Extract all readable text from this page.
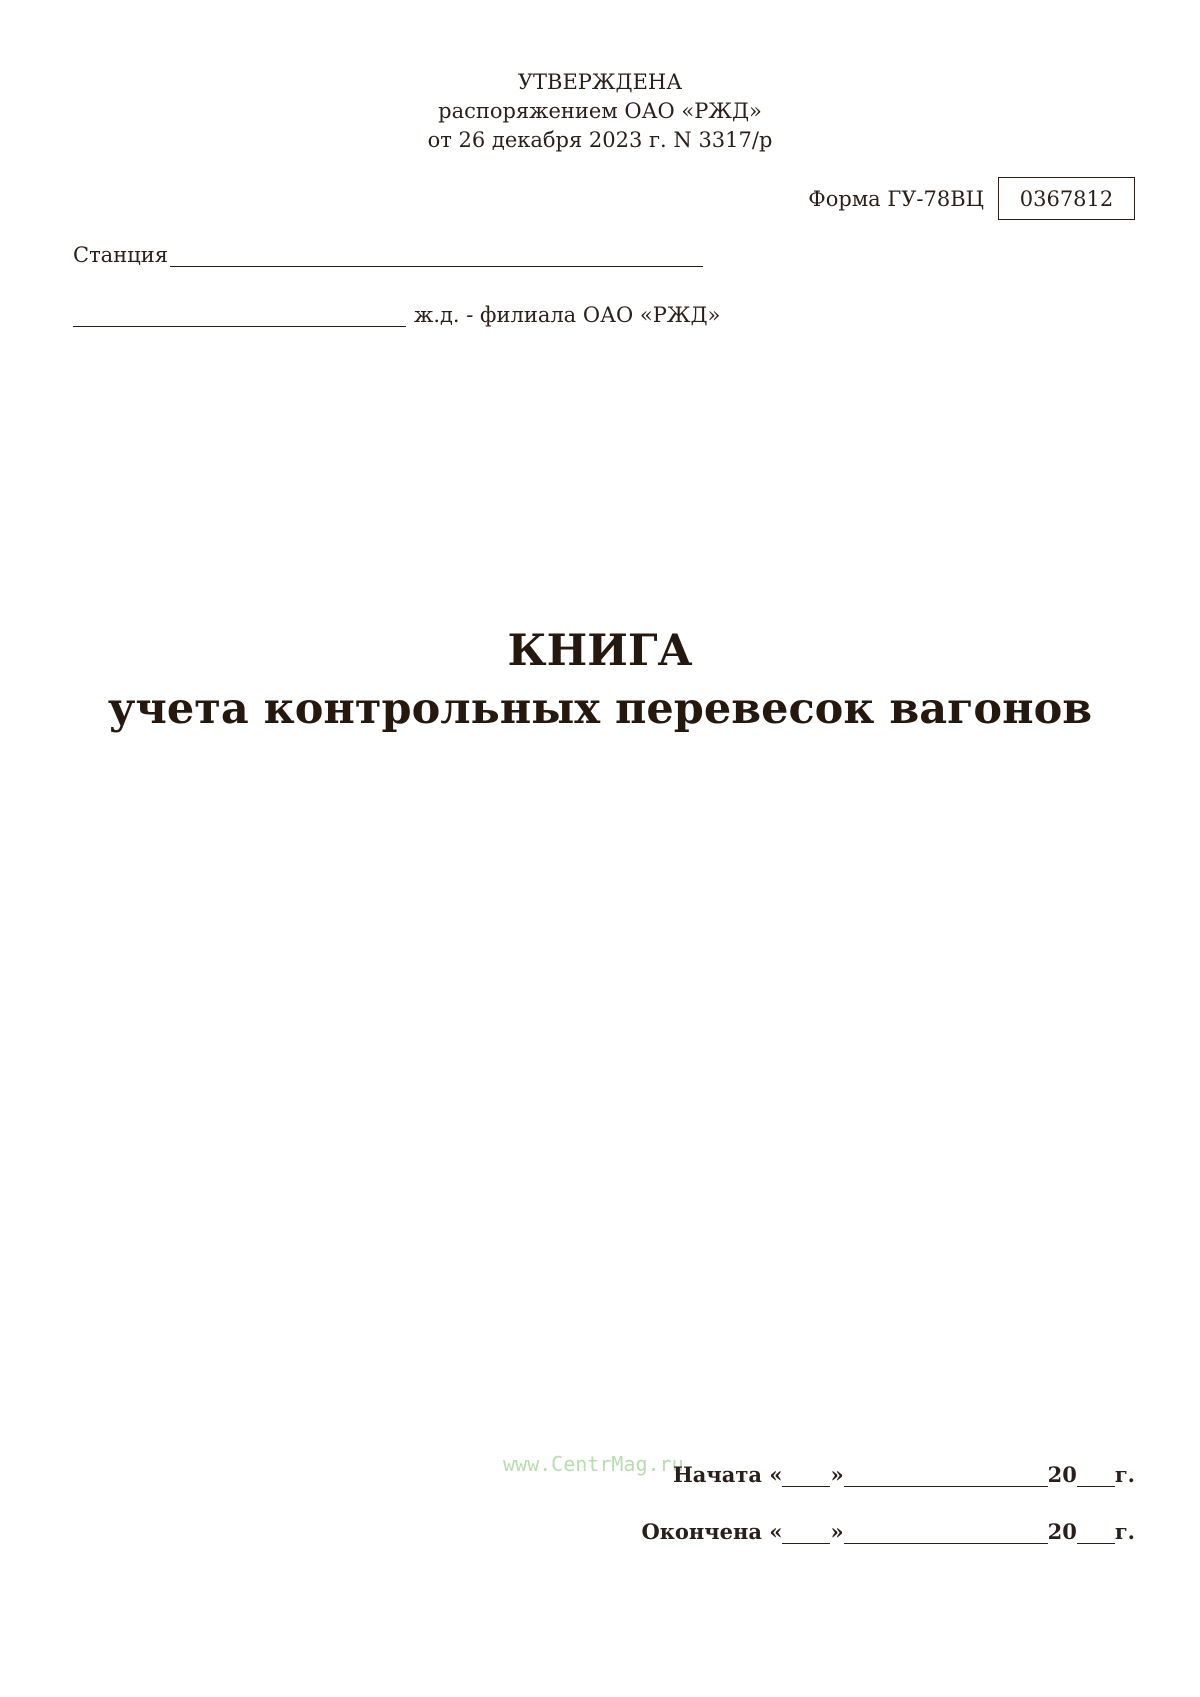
УТВЕРЖДЕНА
распоряжением ОАО «РЖД»
от 26 декабря 2023 г. N 3317/р
Форма ГУ-78ВЦ	0367812
Станция
ж.д. - филиала ОАО «РЖД»
КНИГА
учета контрольных перевесок вагонов
www.CentrMag.ru
Начата « »	20 г.
Окончена « »	20 г.
